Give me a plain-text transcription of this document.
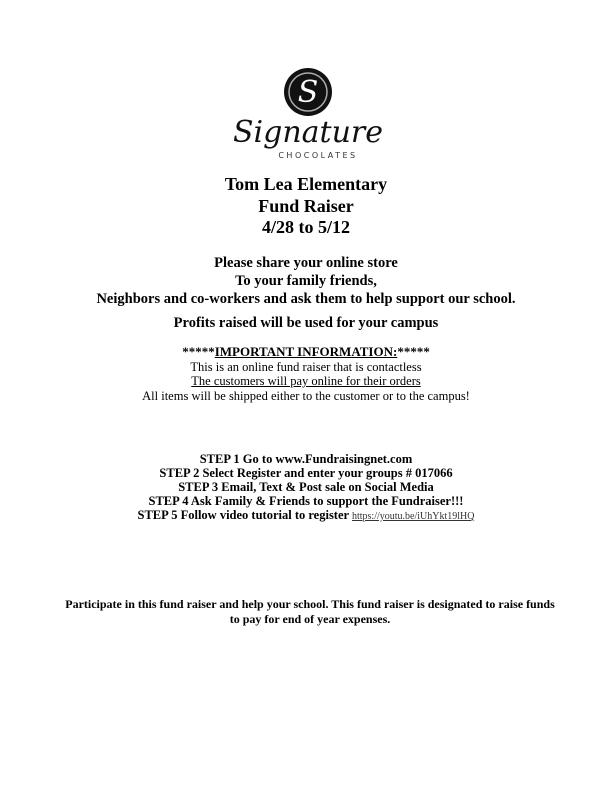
S
Signature
CHOCOLATES
Tom Lea Elementary
Fund Raiser
4/28 to 5/12
Please share your online store
To your family friends,
Neighbors and co-workers and ask them to help support our school.
Profits raised will be used for your campus
*****IMPORTANT INFORMATION:*****
This is an online fund raiser that is contactless
The customers will pay online for their orders
All items will be shipped either to the customer or to the campus!
STEP 1 Go to www.Fundraisingnet.com
STEP 2 Select Register and enter your groups # 017066
STEP 3 Email, Text & Post sale on Social Media
STEP 4 Ask Family & Friends to support the Fundraiser!!!
STEP 5 Follow video tutorial to register https://youtu.be/iUhYkt19lHQ
Participate in this fund raiser and help your school. This fund raiser is designated to raise funds to pay for end of year expenses.
